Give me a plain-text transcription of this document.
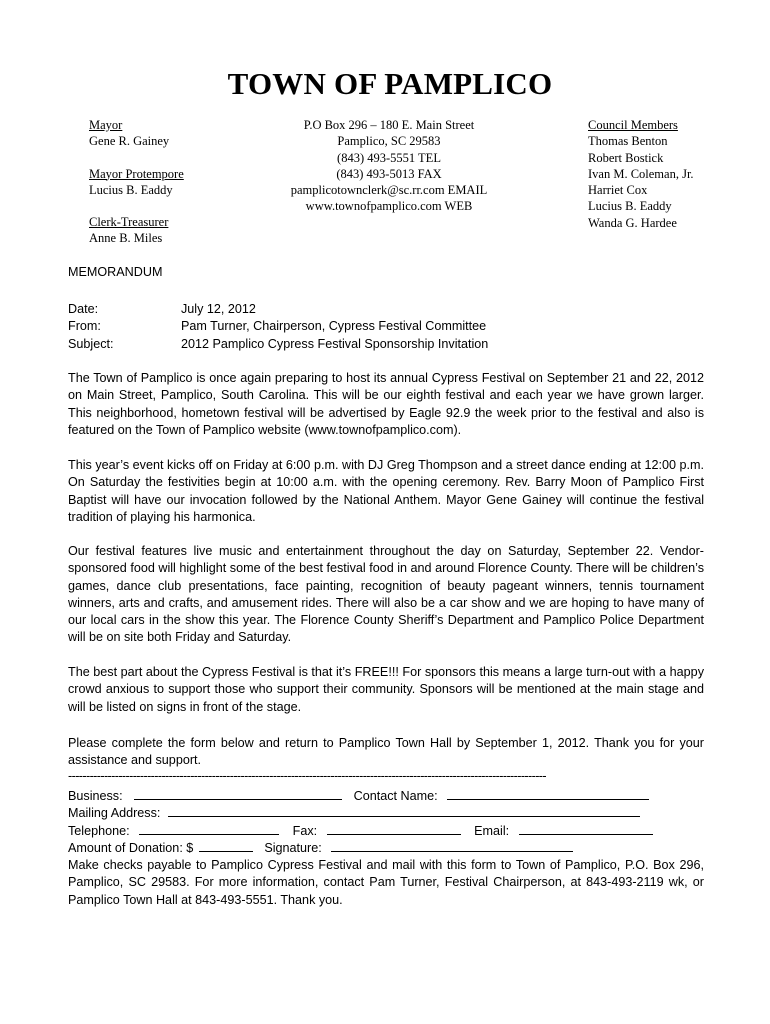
TOWN OF PAMPLICO
Mayor
Gene R. Gainey
Mayor Protempore
Lucius B. Eaddy
Clerk-Treasurer
Anne B. Miles
P.O Box 296 – 180 E. Main Street
Pamplico, SC 29583
(843) 493-5551 TEL
(843) 493-5013 FAX
pamplicotownclerk@sc.rr.com EMAIL
www.townofpamplico.com WEB
Council Members
Thomas Benton
Robert Bostick
Ivan M. Coleman, Jr.
Harriet Cox
Lucius B. Eaddy
Wanda G. Hardee
MEMORANDUM
Date:	July 12, 2012
From:	Pam Turner, Chairperson, Cypress Festival Committee
Subject:	2012 Pamplico Cypress Festival Sponsorship Invitation
The Town of Pamplico is once again preparing to host its annual Cypress Festival on September 21 and 22, 2012 on Main Street, Pamplico, South Carolina. This will be our eighth festival and each year we have grown larger. This neighborhood, hometown festival will be advertised by Eagle 92.9 the week prior to the festival and also is featured on the Town of Pamplico website (www.townofpamplico.com).
This year’s event kicks off on Friday at 6:00 p.m. with DJ Greg Thompson and a street dance ending at 12:00 p.m. On Saturday the festivities begin at 10:00 a.m. with the opening ceremony. Rev. Barry Moon of Pamplico First Baptist will have our invocation followed by the National Anthem. Mayor Gene Gainey will continue the festival tradition of playing his harmonica.
Our festival features live music and entertainment throughout the day on Saturday, September 22. Vendor-sponsored food will highlight some of the best festival food in and around Florence County. There will be children’s games, dance club presentations, face painting, recognition of beauty pageant winners, tennis tournament winners, arts and crafts, and amusement rides. There will also be a car show and we are hoping to have many of our local cars in the show this year. The Florence County Sheriff’s Department and Pamplico Police Department will be on site both Friday and Saturday.
The best part about the Cypress Festival is that it’s FREE!!! For sponsors this means a large turn-out with a happy crowd anxious to support those who support their community. Sponsors will be mentioned at the main stage and will be listed on signs in front of the stage.
Please complete the form below and return to Pamplico Town Hall by September 1, 2012. Thank you for your assistance and support.
-------------------------------------------------------------------------------------------------------------------------------------
Business:	Contact Name:
Mailing Address:
Telephone:	Fax:	Email:
Amount of Donation: $	Signature:
Make checks payable to Pamplico Cypress Festival and mail with this form to Town of Pamplico, P.O. Box 296, Pamplico, SC 29583. For more information, contact Pam Turner, Festival Chairperson, at 843-493-2119 wk, or Pamplico Town Hall at 843-493-5551. Thank you.
